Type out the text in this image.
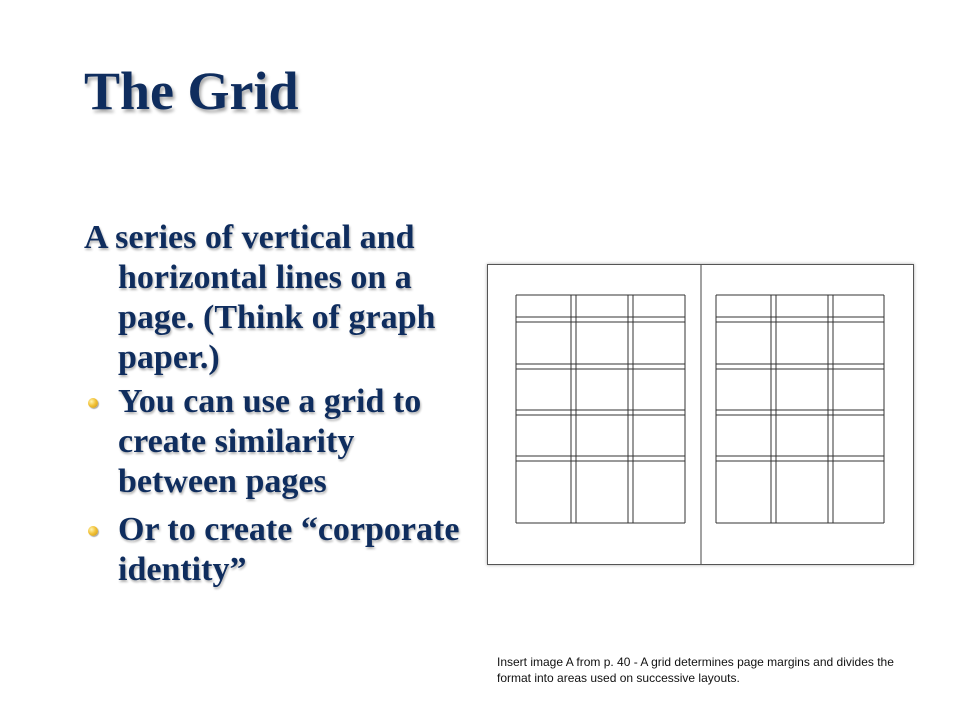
The Grid

A series of vertical and horizontal lines on a page. (Think of graph paper.)

You can use a grid to create similarity between pages
Or to create “corporate identity”

Insert image A from p. 40 - A grid determines page margins and divides the format into areas used on successive layouts.
